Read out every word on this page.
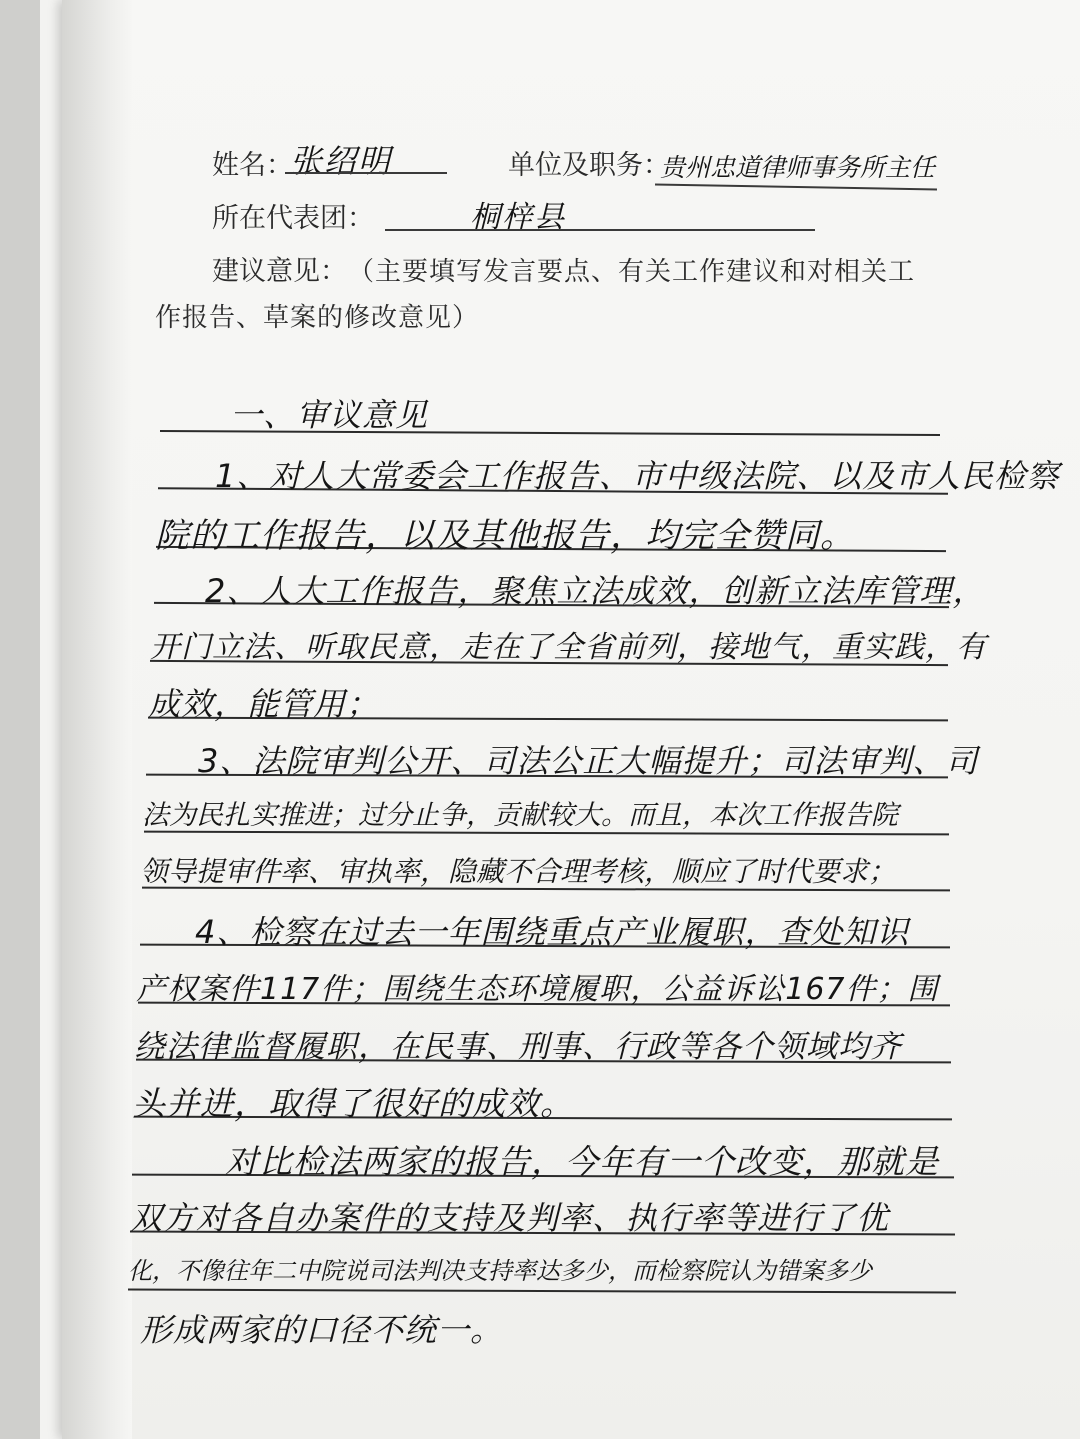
姓名：
张绍明	单位及职务：
贵州忠道律师事务所主任
所在代表团：	桐梓县
建议意见： （主要填写发言要点、有关工作建议和对相关工
作报告、草案的修改意见）
一、审议意见
1、对人大常委会工作报告、市中级法院、以及市人民检察
院的工作报告，以及其他报告，均完全赞同。
2、人大工作报告，聚焦立法成效，创新立法库管理，
开门立法、听取民意，走在了全省前列，接地气，重实践，有
成效，能管用；
3、法院审判公开、司法公正大幅提升；司法审判、司
法为民扎实推进；过分止争，贡献较大。而且，本次工作报告院
领导提审件率、审执率，隐藏不合理考核，顺应了时代要求；
4、检察在过去一年围绕重点产业履职，查处知识
产权案件117件；围绕生态环境履职，公益诉讼167件；围
绕法律监督履职，在民事、刑事、行政等各个领域均齐
头并进，取得了很好的成效。
对比检法两家的报告，今年有一个改变，那就是
双方对各自办案件的支持及判率、执行率等进行了优
化，不像往年二中院说司法判决支持率达多少，而检察院认为错案多少
形成两家的口径不统一。
